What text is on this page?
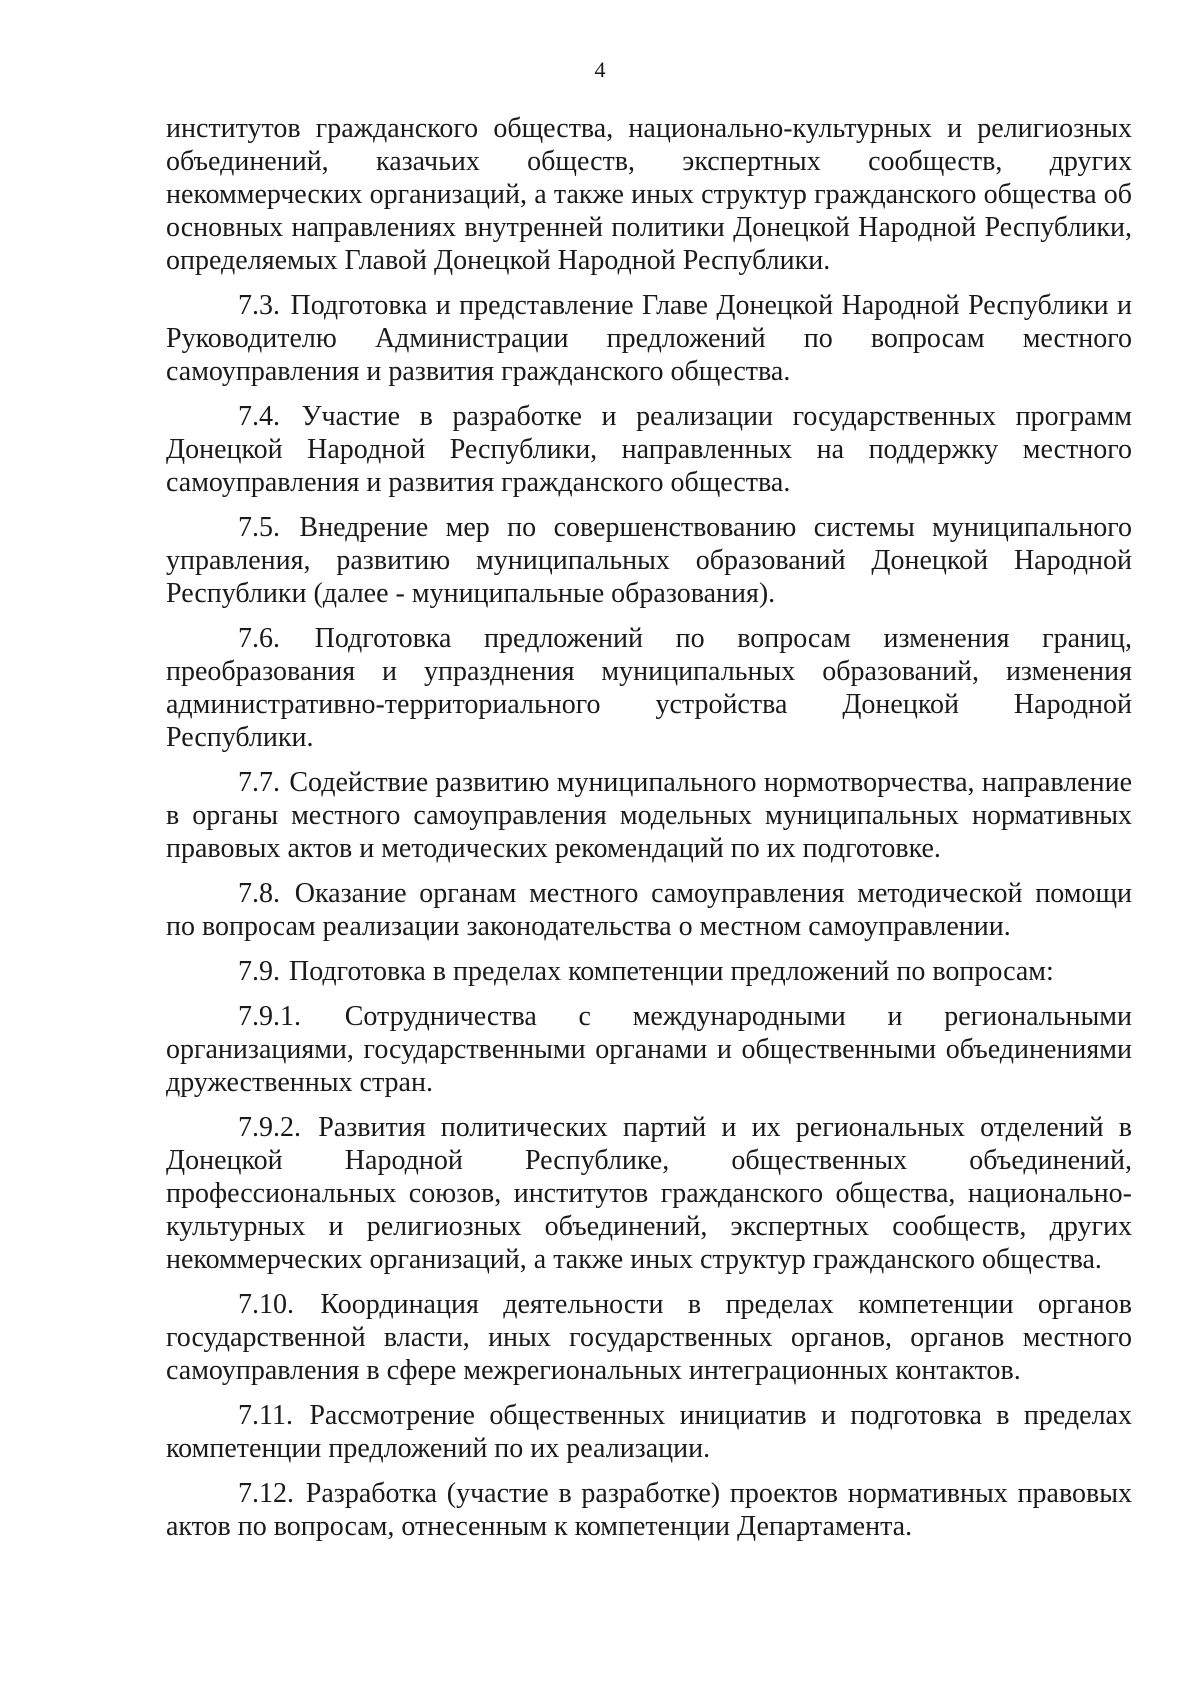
4

институтов гражданского общества, национально-культурных и религиозных объединений, казачьих обществ, экспертных сообществ, других некоммерческих организаций, а также иных структур гражданского общества об основных направлениях внутренней политики Донецкой Народной Республики, определяемых Главой Донецкой Народной Республики.

7.3. Подготовка и представление Главе Донецкой Народной Республики и Руководителю Администрации предложений по вопросам местного самоуправления и развития гражданского общества.

7.4. Участие в разработке и реализации государственных программ Донецкой Народной Республики, направленных на поддержку местного самоуправления и развития гражданского общества.

7.5. Внедрение мер по совершенствованию системы муниципального управления, развитию муниципальных образований Донецкой Народной Республики (далее - муниципальные образования).

7.6. Подготовка предложений по вопросам изменения границ, преобразования и упразднения муниципальных образований, изменения административно-территориального устройства Донецкой Народной Республики.

7.7. Содействие развитию муниципального нормотворчества, направление в органы местного самоуправления модельных муниципальных нормативных правовых актов и методических рекомендаций по их подготовке.

7.8. Оказание органам местного самоуправления методической помощи по вопросам реализации законодательства о местном самоуправлении.

7.9. Подготовка в пределах компетенции предложений по вопросам:

7.9.1. Сотрудничества с международными и региональными организациями, государственными органами и общественными объединениями дружественных стран.

7.9.2. Развития политических партий и их региональных отделений в Донецкой Народной Республике, общественных объединений, профессиональных союзов, институтов гражданского общества, национально-культурных и религиозных объединений, экспертных сообществ, других некоммерческих организаций, а также иных структур гражданского общества.

7.10. Координация деятельности в пределах компетенции органов государственной власти, иных государственных органов, органов местного самоуправления в сфере межрегиональных интеграционных контактов.

7.11. Рассмотрение общественных инициатив и подготовка в пределах компетенции предложений по их реализации.

7.12. Разработка (участие в разработке) проектов нормативных правовых актов по вопросам, отнесенным к компетенции Департамента.
